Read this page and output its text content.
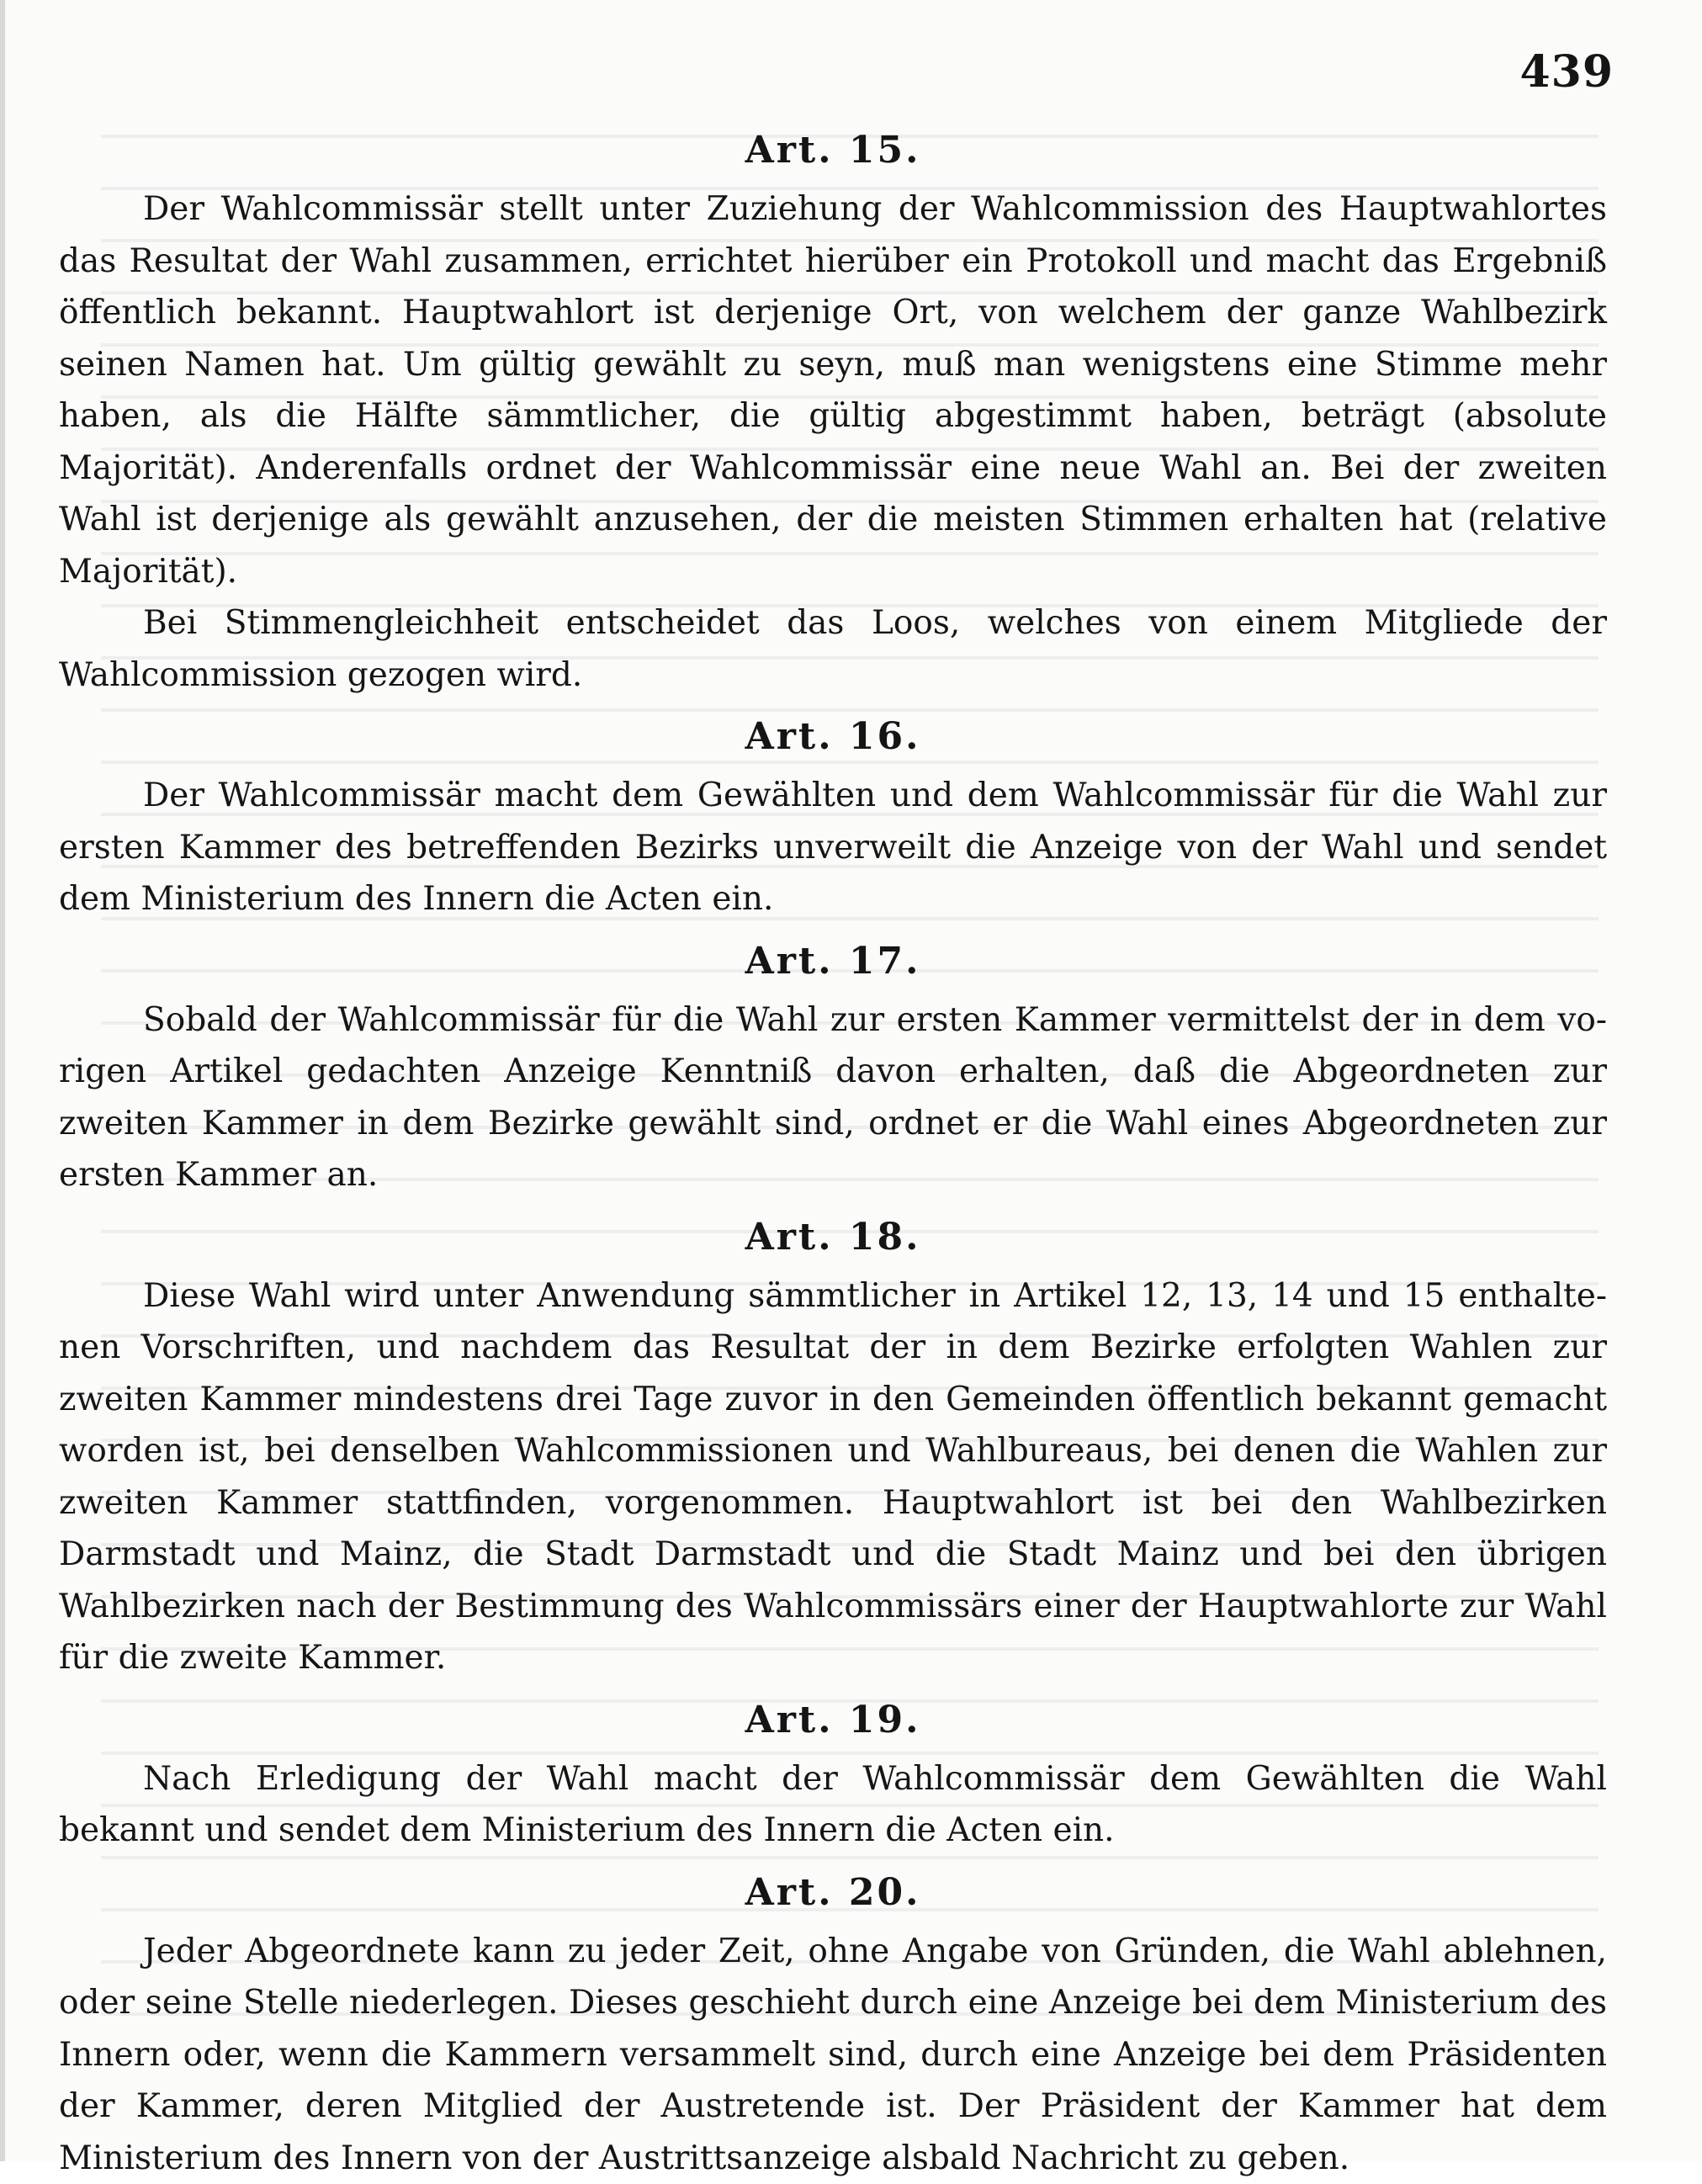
439
Art. 15.

Der Wahlcommissär stellt unter Zuziehung der Wahlcommission des Hauptwahlortes das Resultat der Wahl zusammen, errichtet hierüber ein Protokoll und macht das Ergebniß öffentlich bekannt. Hauptwahlort ist derjenige Ort, von welchem der ganze Wahlbezirk seinen Namen hat. Um gültig gewählt zu seyn, muß man wenigstens eine Stimme mehr haben, als die Hälfte sämmtlicher, die gültig abgestimmt haben, beträgt (absolute Majorität). Anderenfalls ordnet der Wahlcommissär eine neue Wahl an. Bei der zweiten Wahl ist derjenige als gewählt anzusehen, der die meisten Stimmen erhalten hat (relative Majorität).

Bei Stimmengleichheit entscheidet das Loos, welches von einem Mitgliede der Wahlcommission gezogen wird.

Art. 16.

Der Wahlcommissär macht dem Gewählten und dem Wahlcommissär für die Wahl zur ersten Kammer des betreffenden Bezirks unverweilt die Anzeige von der Wahl und sendet dem Ministerium des Innern die Acten ein.

Art. 17.

Sobald der Wahlcommissär für die Wahl zur ersten Kammer vermittelst der in dem vorigen Artikel gedachten Anzeige Kenntniß davon erhalten, daß die Abgeordneten zur zweiten Kammer in dem Bezirke gewählt sind, ordnet er die Wahl eines Abgeordneten zur ersten Kammer an.

Art. 18.

Diese Wahl wird unter Anwendung sämmtlicher in Artikel 12, 13, 14 und 15 enthaltenen Vorschriften, und nachdem das Resultat der in dem Bezirke erfolgten Wahlen zur zweiten Kammer mindestens drei Tage zuvor in den Gemeinden öffentlich bekannt gemacht worden ist, bei denselben Wahlcommissionen und Wahlbureaus, bei denen die Wahlen zur zweiten Kammer stattfinden, vorgenommen. Hauptwahlort ist bei den Wahlbezirken Darmstadt und Mainz, die Stadt Darmstadt und die Stadt Mainz und bei den übrigen Wahlbezirken nach der Bestimmung des Wahlcommissärs einer der Hauptwahlorte zur Wahl für die zweite Kammer.

Art. 19.

Nach Erledigung der Wahl macht der Wahlcommissär dem Gewählten die Wahl bekannt und sendet dem Ministerium des Innern die Acten ein.

Art. 20.

Jeder Abgeordnete kann zu jeder Zeit, ohne Angabe von Gründen, die Wahl ablehnen, oder seine Stelle niederlegen. Dieses geschieht durch eine Anzeige bei dem Ministerium des Innern oder, wenn die Kammern versammelt sind, durch eine Anzeige bei dem Präsidenten der Kammer, deren Mitglied der Austretende ist. Der Präsident der Kammer hat dem Ministerium des Innern von der Austrittsanzeige alsbald Nachricht zu geben.
